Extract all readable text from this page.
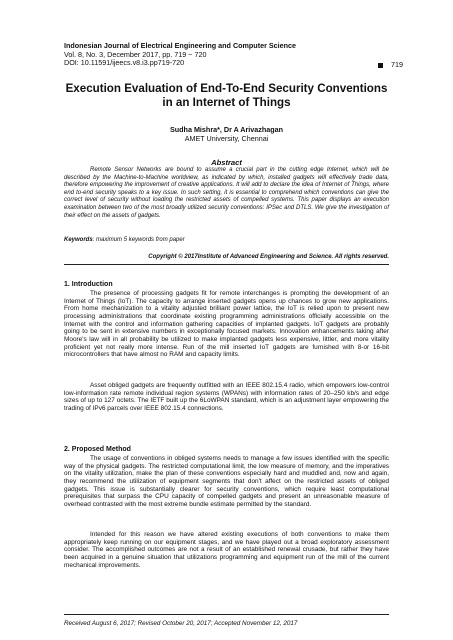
Indonesian Journal of Electrical Engineering and Computer Science
Vol. 8, No. 3, December 2017, pp. 719 ~ 720
DOI: 10.11591/ijeecs.v8.i3.pp719-720	719
Execution Evaluation of End-To-End Security Conventions in an Internet of Things
Sudha Mishra*, Dr A Arivazhagan
AMET University, Chennai
Abstract

Remote Sensor Networks are bound to assume a crucial part in the cutting edge Internet, which will be described by the Machine-to-Machine worldview, as indicated by which, installed gadgets will effectively trade data, therefore empowering the improvement of creative applications. It will add to declare the idea of Internet of Things, where end to-end security speaks to a key issue. In such setting, it is essential to comprehend which conventions can give the correct level of security without loading the restricted assets of compelled systems. This paper displays an execution examination between two of the most broadly utilized security conventions: IPSec and DTLS. We give the investigation of their effect on the assets of gadgets.

Keywords: maximum 5 keywords from paper
Copyright © 2017Institute of Advanced Engineering and Science. All rights reserved.
1. Introduction

The presence of processing gadgets fit for remote interchanges is prompting the development of an Internet of Things (IoT). The capacity to arrange inserted gadgets opens up chances to grow new applications. From home mechanization to a vitality adjusted brilliant power lattice, the IoT is relied upon to present new processing administrations that coordinate existing programming administrations officially accessible on the Internet with the control and information gathering capacities of implanted gadgets. IoT gadgets are probably going to be sent in extensive numbers in exceptionally focused markets. Innovation enhancements taking after Moore's law will in all probability be utilized to make implanted gadgets less expensive, littler, and more vitality proficient yet not really more intense. Run of the mill inserted IoT gadgets are furnished with 8-or 16-bit microcontrollers that have almost no RAM and capacity limits.

Asset obliged gadgets are frequently outfitted with an IEEE 802.15.4 radio, which empowers low-control low-information rate remote individual region systems (WPANs) with information rates of 20–250 kb/s and edge sizes of up to 127 octets. The IETF built up the 6LoWPAN standard, which is an adjustment layer empowering the trading of IPv6 parcels over IEEE 802.15.4 connections.

2. Proposed Method

The usage of conventions in obliged systems needs to manage a few issues identified with the specific way of the physical gadgets. The restricted computational limit, the low measure of memory, and the imperatives on the vitality utilization, make the plan of these conventions especially hard and muddled and, now and again, they recommend the utilization of equipment segments that don't affect on the restricted assets of obliged gadgets. This issue is substantially clearer for security conventions, which require least computational prerequisites that surpass the CPU capacity of compelled gadgets and present an unreasonable measure of overhead contrasted with the most extreme bundle estimate permitted by the standard.

Intended for this reason we have altered existing executions of both conventions to make them appropriately keep running on our equipment stages, and we have played out a broad exploratory assessment consider. The accomplished outcomes are not a result of an established renewal crusade, but rather they have been acquired in a genuine situation that utilizations programming and equipment run of the mill of the current mechanical improvements.

Received August 6, 2017; Revised October 20, 2017; Accepted November 12, 2017
